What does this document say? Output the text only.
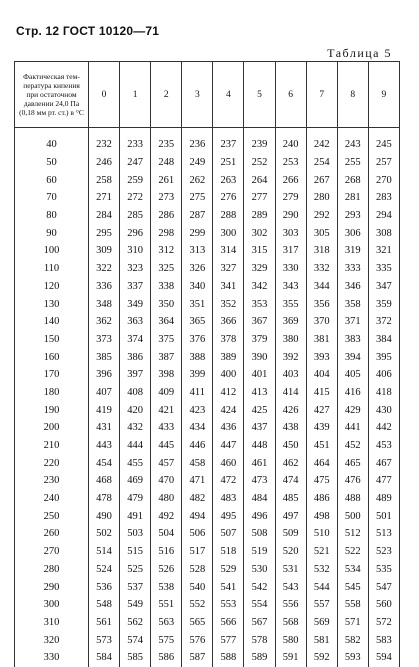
Стр. 12 ГОСТ 10120—71
Таблица 5
Фактическая тем-пература кипения при остаточном давлении 24,0 Па (0,18 мм рт. ст.) в °С	0	1	2	3	4	5	6	7	8	9
40	232	233	235	236	237	239	240	242	243	245
50	246	247	248	249	251	252	253	254	255	257
60	258	259	261	262	263	264	266	267	268	270
70	271	272	273	275	276	277	279	280	281	283
80	284	285	286	287	288	289	290	292	293	294
90	295	296	298	299	300	302	303	305	306	308
100	309	310	312	313	314	315	317	318	319	321
110	322	323	325	326	327	329	330	332	333	335
120	336	337	338	340	341	342	343	344	346	347
130	348	349	350	351	352	353	355	356	358	359
140	362	363	364	365	366	367	369	370	371	372
150	373	374	375	376	378	379	380	381	383	384
160	385	386	387	388	389	390	392	393	394	395
170	396	397	398	399	400	401	403	404	405	406
180	407	408	409	411	412	413	414	415	416	418
190	419	420	421	423	424	425	426	427	429	430
200	431	432	433	434	436	437	438	439	441	442
210	443	444	445	446	447	448	450	451	452	453
220	454	455	457	458	460	461	462	464	465	467
230	468	469	470	471	472	473	474	475	476	477
240	478	479	480	482	483	484	485	486	488	489
250	490	491	492	494	495	496	497	498	500	501
260	502	503	504	506	507	508	509	510	512	513
270	514	515	516	517	518	519	520	521	522	523
280	524	525	526	528	529	530	531	532	534	535
290	536	537	538	540	541	542	543	544	545	547
300	548	549	551	552	553	554	556	557	558	560
310	561	562	563	565	566	567	568	569	571	572
320	573	574	575	576	577	578	580	581	582	583
330	584	585	586	587	588	589	591	592	593	594
